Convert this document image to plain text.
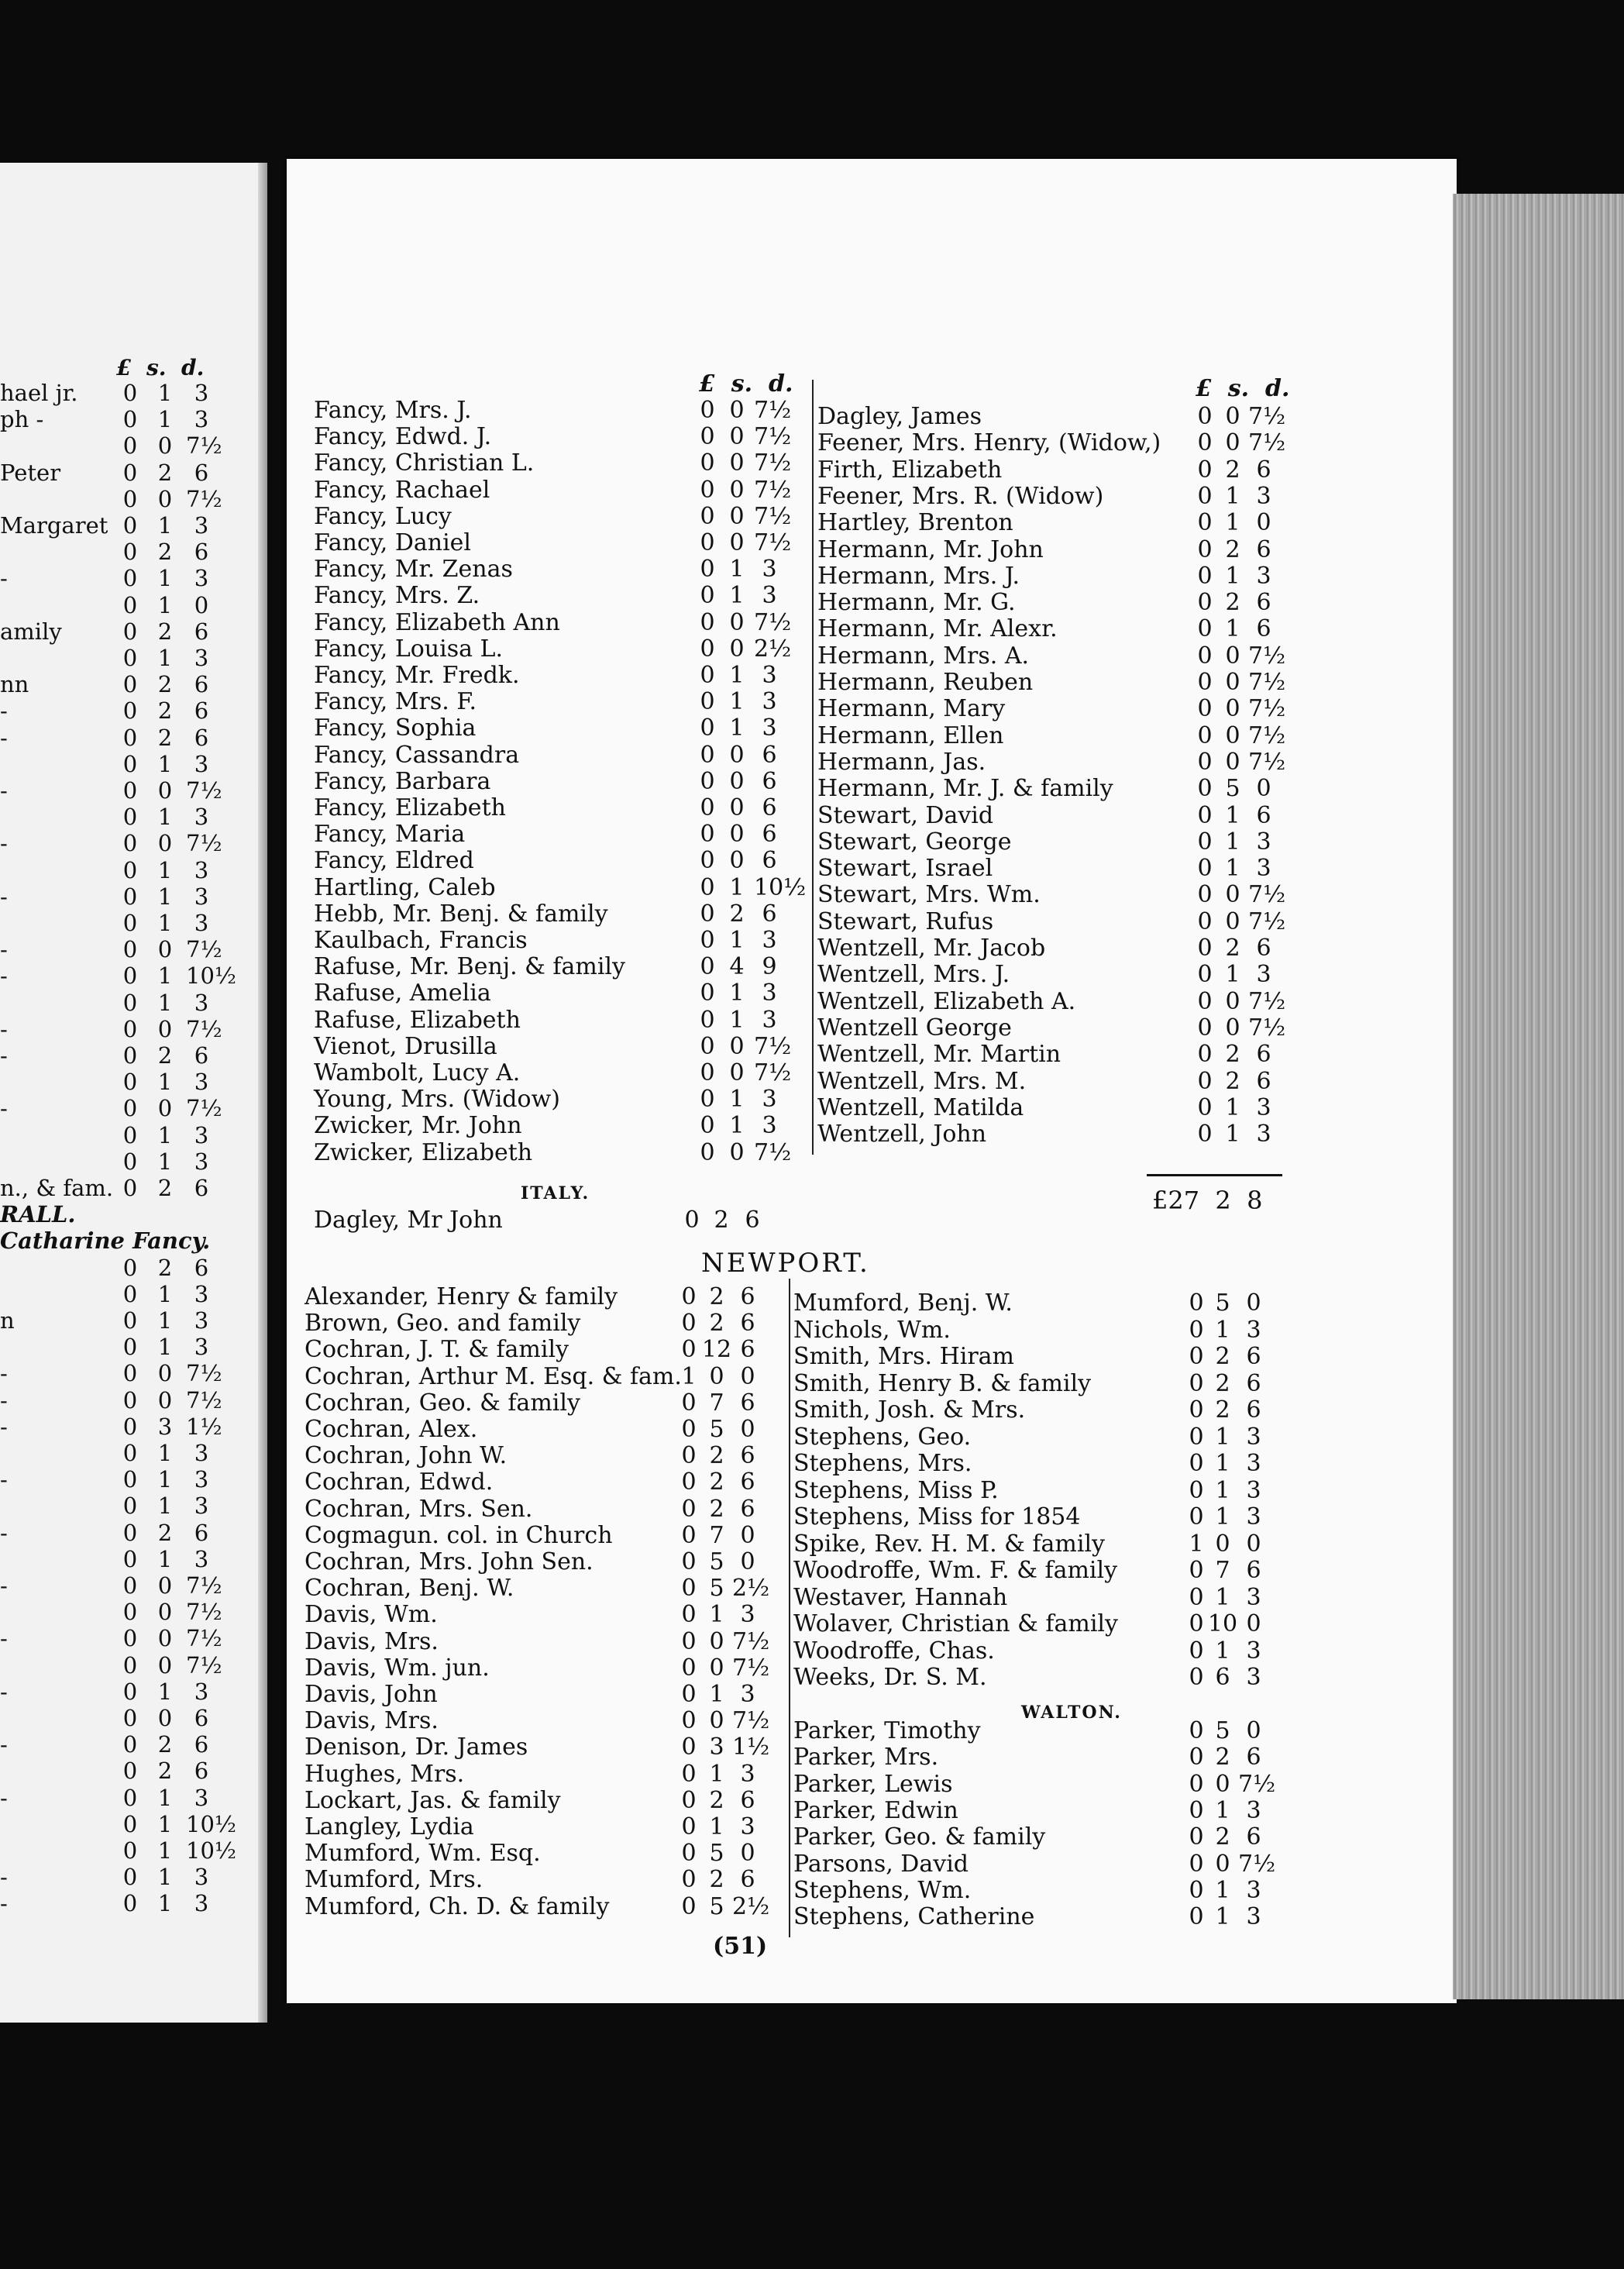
£ s. d.
hael jr.	0 1 3
ph -	0 1 3
0 0 7½
Peter	0 2 6
0 0 7½
Margaret 0 1 3
0 2 6
-	0 1 3
0 1 0
amily	0 2 6
0 1 3
nn	0 2 6
-	0 2 6
-	0 2 6
0 1 3
-	0 0 7½
0 1 3
-	0 0 7½
0 1 3
-	0 1 3
0 1 3
-	0 0 7½
-	0 1 10½
0 1 3
-	0 0 7½
-	0 2 6
0 1 3
-	0 0 7½
0 1 3
0 1 3
n., & fam. 0 2 6
RALL.
Catharine Fancy.
0 2 6
0 1 3
n	0 1 3
0 1 3
-	0 0 7½
-	0 0 7½
-	0 3 1½
0 1 3
-	0 1 3
0 1 3
-	0 2 6
0 1 3
-	0 0 7½
0 0 7½
-	0 0 7½
0 0 7½
-	0 1 3
0 0 6
-	0 2 6
0 2 6
-	0 1 3
0 1 10½
0 1 10½
-	0 1 3
-	0 1 3
£ s. d.	£ s. d.
Fancy, Mrs. J.	0 0 7½
Fancy, Edwd. J.	0 0 7½
Fancy, Christian L.	0 0 7½
Fancy, Rachael	0 0 7½
Fancy, Lucy	0 0 7½
Fancy, Daniel	0 0 7½
Fancy, Mr. Zenas	0 1 3
Fancy, Mrs. Z.	0 1 3
Fancy, Elizabeth Ann	0 0 7½
Fancy, Louisa L.	0 0 2½
Fancy, Mr. Fredk.	0 1 3
Fancy, Mrs. F.	0 1 3
Fancy, Sophia	0 1 3
Fancy, Cassandra	0 0 6
Fancy, Barbara	0 0 6
Fancy, Elizabeth	0 0 6
Fancy, Maria	0 0 6
Fancy, Eldred	0 0 6
Hartling, Caleb	0 1 10½
Hebb, Mr. Benj. & family	0 2 6
Kaulbach, Francis	0 1 3
Rafuse, Mr. Benj. & family	0 4 9
Rafuse, Amelia	0 1 3
Rafuse, Elizabeth	0 1 3
Vienot, Drusilla	0 0 7½
Wambolt, Lucy A.	0 0 7½
Young, Mrs. (Widow)	0 1 3
Zwicker, Mr. John	0 1 3
Zwicker, Elizabeth	0 0 7½
ITALY.
Dagley, Mr John	0 2 6
Dagley, James	0 0 7½
Feener, Mrs. Henry, (Widow,)	0 0 7½
Firth, Elizabeth	0 2 6
Feener, Mrs. R. (Widow)	0 1 3
Hartley, Brenton	0 1 0
Hermann, Mr. John	0 2 6
Hermann, Mrs. J.	0 1 3
Hermann, Mr. G.	0 2 6
Hermann, Mr. Alexr.	0 1 6
Hermann, Mrs. A.	0 0 7½
Hermann, Reuben	0 0 7½
Hermann, Mary	0 0 7½
Hermann, Ellen	0 0 7½
Hermann, Jas.	0 0 7½
Hermann, Mr. J. & family	0 5 0
Stewart, David	0 1 6
Stewart, George	0 1 3
Stewart, Israel	0 1 3
Stewart, Mrs. Wm.	0 0 7½
Stewart, Rufus	0 0 7½
Wentzell, Mr. Jacob	0 2 6
Wentzell, Mrs. J.	0 1 3
Wentzell, Elizabeth A.	0 0 7½
Wentzell George	0 0 7½
Wentzell, Mr. Martin	0 2 6
Wentzell, Mrs. M.	0 2 6
Wentzell, Matilda	0 1 3
Wentzell, John	0 1 3
£27 2 8
NEWPORT.
Alexander, Henry & family	0 2 6
Brown, Geo. and family	0 2 6
Cochran, J. T. & family	0 12 6
Cochran, Arthur M. Esq. & fam. 1 0 0
Cochran, Geo. & family	0 7 6
Cochran, Alex.	0 5 0
Cochran, John W.	0 2 6
Cochran, Edwd.	0 2 6
Cochran, Mrs. Sen.	0 2 6
Cogmagun. col. in Church	0 7 0
Cochran, Mrs. John Sen.	0 5 0
Cochran, Benj. W.	0 5 2½
Davis, Wm.	0 1 3
Davis, Mrs.	0 0 7½
Davis, Wm. jun.	0 0 7½
Davis, John	0 1 3
Davis, Mrs.	0 0 7½
Denison, Dr. James	0 3 1½
Hughes, Mrs.	0 1 3
Lockart, Jas. & family	0 2 6
Langley, Lydia	0 1 3
Mumford, Wm. Esq.	0 5 0
Mumford, Mrs.	0 2 6
Mumford, Ch. D. & family	0 5 2½
Mumford, Benj. W.	0 5 0
Nichols, Wm.	0 1 3
Smith, Mrs. Hiram	0 2 6
Smith, Henry B. & family	0 2 6
Smith, Josh. & Mrs.	0 2 6
Stephens, Geo.	0 1 3
Stephens, Mrs.	0 1 3
Stephens, Miss P.	0 1 3
Stephens, Miss for 1854	0 1 3
Spike, Rev. H. M. & family	1 0 0
Woodroffe, Wm. F. & family	0 7 6
Westaver, Hannah	0 1 3
Wolaver, Christian & family	0 10 0
Woodroffe, Chas.	0 1 3
Weeks, Dr. S. M.	0 6 3
WALTON.
Parker, Timothy	0 5 0
Parker, Mrs.	0 2 6
Parker, Lewis	0 0 7½
Parker, Edwin	0 1 3
Parker, Geo. & family	0 2 6
Parsons, David	0 0 7½
Stephens, Wm.	0 1 3
Stephens, Catherine	0 1 3
(51)
